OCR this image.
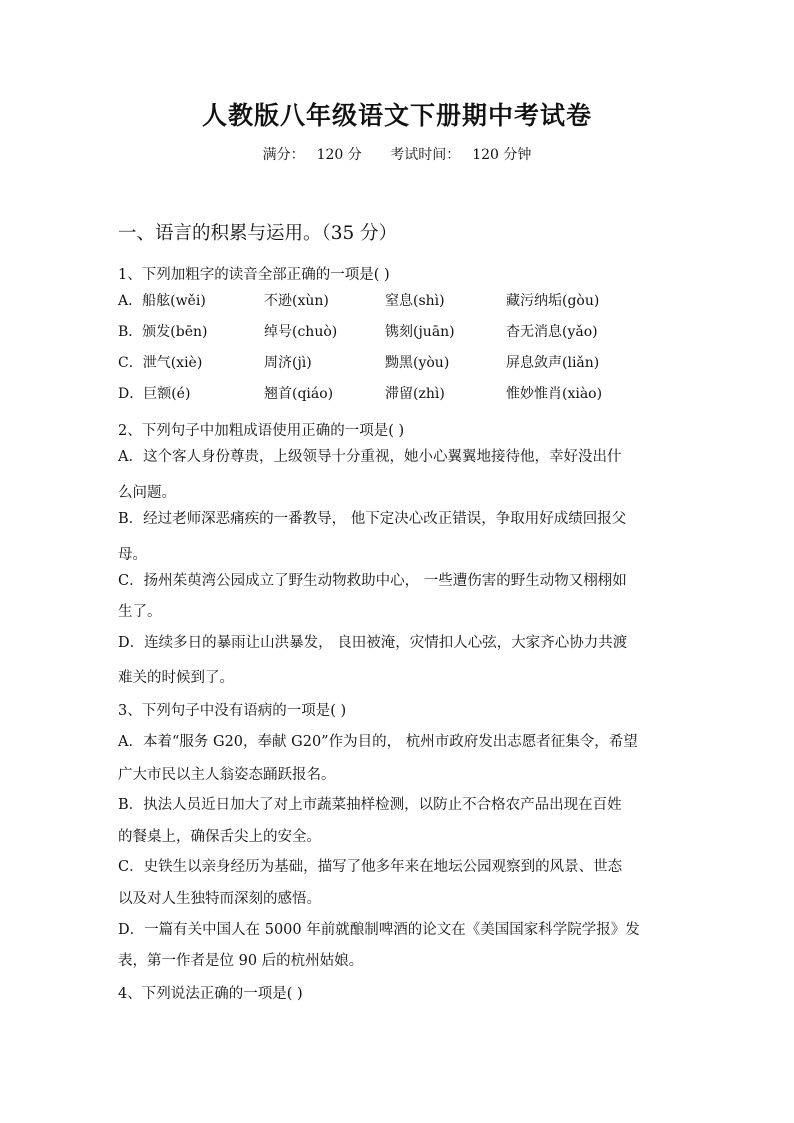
人教版八年级语文下册期中考试卷
满分： 120 分 考试时间： 120 分钟
一、语言的积累与运用。（35 分）
1、下列加粗字的读音全部正确的一项是( )
A．船舷(wěi)	不逊(xùn)	窒息(shì)	藏污纳垢(gòu)
B．颁发(bēn)	绰号(chuò)	镌刻(juān)	杳无消息(yǎo)
C．泄气(xiè)	周济(jì)	黝黑(yòu)	屏息敛声(liǎn)
D．巨额(é)	翘首(qiáo)	滞留(zhì)	惟妙惟肖(xiào)
2、下列句子中加粗成语使用正确的一项是( )
A．这个客人身份尊贵，上级领导十分重视，她小心翼翼地接待他，幸好没出什
么问题。
B．经过老师深恶痛疾的一番教导， 他下定决心改正错误，争取用好成绩回报父
母。
C．扬州茱萸湾公园成立了野生动物救助中心， 一些遭伤害的野生动物又栩栩如
生了。
D．连续多日的暴雨让山洪暴发， 良田被淹，灾情扣人心弦，大家齐心协力共渡
难关的时候到了。
3、下列句子中没有语病的一项是( )
A．本着“服务 G20，奉献 G20”作为目的， 杭州市政府发出志愿者征集令，希望
广大市民以主人翁姿态踊跃报名。
B．执法人员近日加大了对上市蔬菜抽样检测，以防止不合格农产品出现在百姓
的餐桌上，确保舌尖上的安全。
C．史铁生以亲身经历为基础，描写了他多年来在地坛公园观察到的风景、世态
以及对人生独特而深刻的感悟。
D．一篇有关中国人在 5000 年前就酿制啤酒的论文在《美国国家科学院学报》发
表，第一作者是位 90 后的杭州姑娘。
4、下列说法正确的一项是( )
